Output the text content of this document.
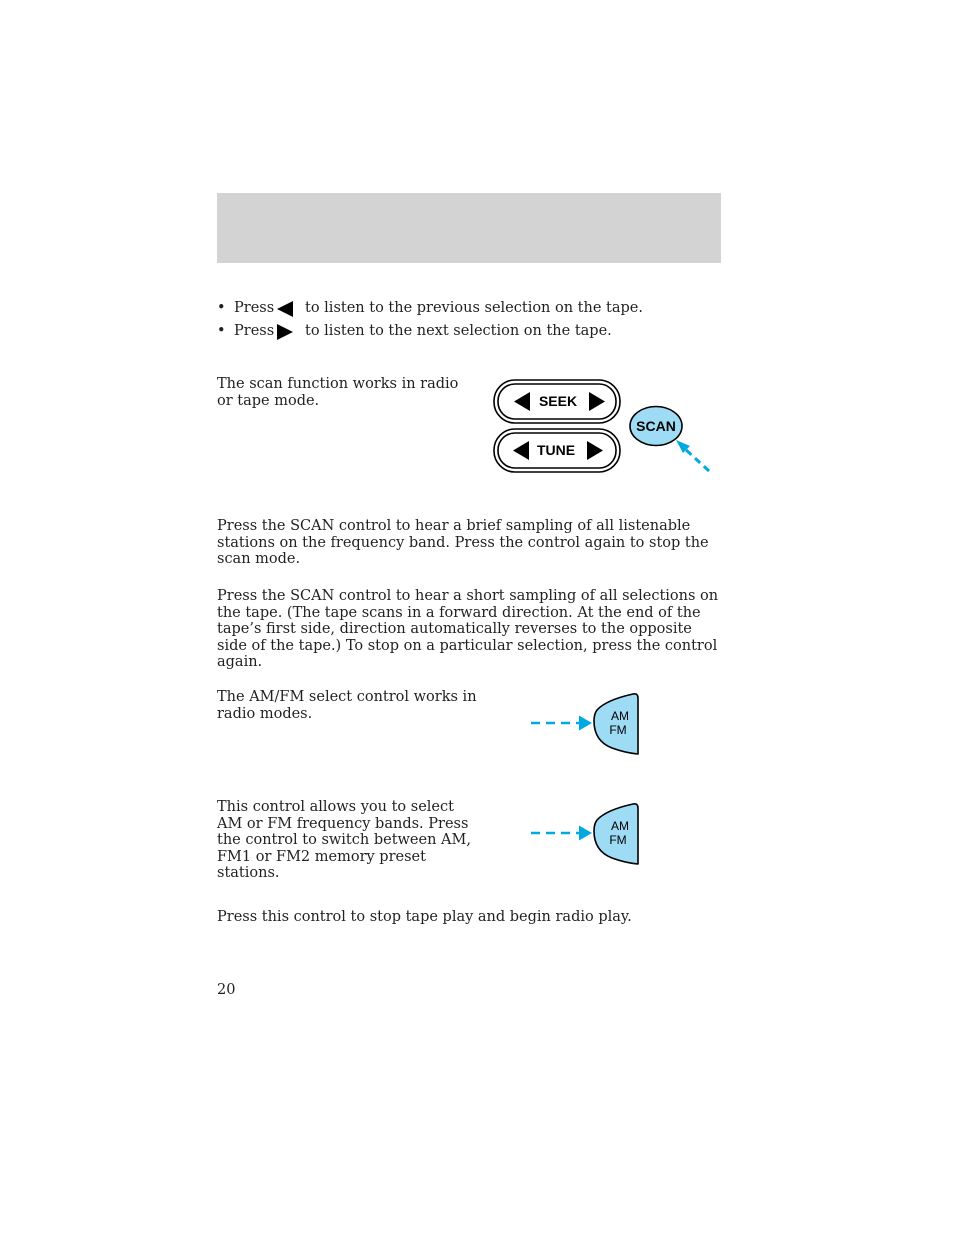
• Press to listen to the previous selection on the tape.
• Press to listen to the next selection on the tape.

The scan function works in radio or tape mode.	SEEK
TUNE
SCAN

Press the SCAN control to hear a brief sampling of all listenable stations on the frequency band. Press the control again to stop the scan mode.

Press the SCAN control to hear a short sampling of all selections on the tape. (The tape scans in a forward direction. At the end of the tape’s first side, direction automatically reverses to the opposite side of the tape.) To stop on a particular selection, press the control again.

The AM/FM select control works in radio modes.	AM
FM

This control allows you to select AM or FM frequency bands. Press the control to switch between AM, FM1 or FM2 memory preset stations.

AM
FM

Press this control to stop tape play and begin radio play.

20
